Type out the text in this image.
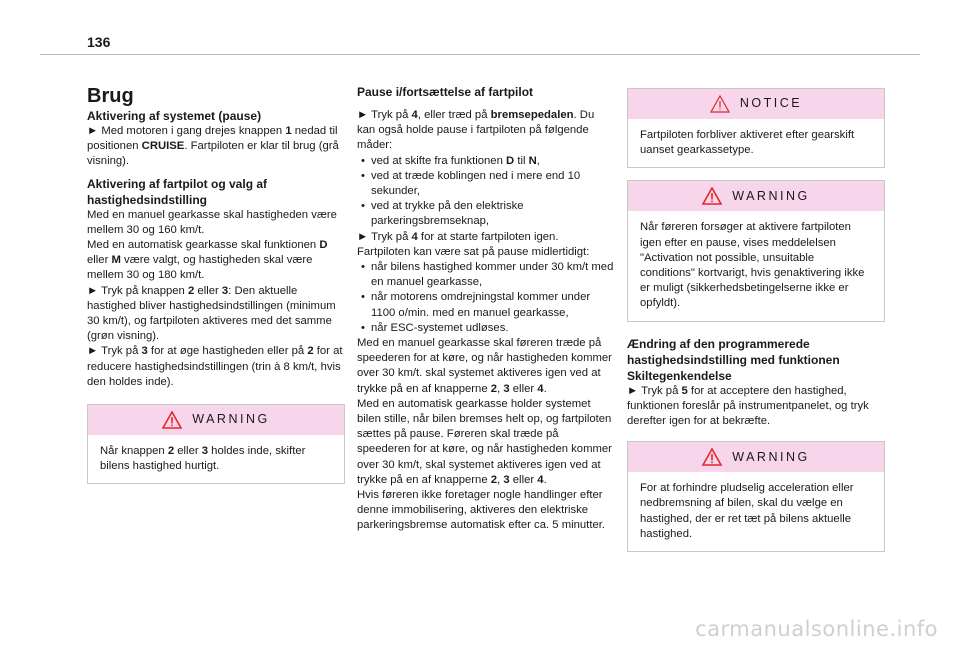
136

Brug

Aktivering af systemet (pause)

► Med motoren i gang drejes knappen 1 nedad til positionen CRUISE. Fartpiloten er klar til brug (grå visning).

Aktivering af fartpilot og valg af hastighedsindstilling

Med en manuel gearkasse skal hastigheden være mellem 30 og 160 km/t.

Med en automatisk gearkasse skal funktionen D eller M være valgt, og hastigheden skal være mellem 30 og 180 km/t.

► Tryk på knappen 2 eller 3: Den aktuelle hastighed bliver hastighedsindstillingen (minimum 30 km/t), og fartpiloten aktiveres med det samme (grøn visning).

► Tryk på 3 for at øge hastigheden eller på 2 for at reducere hastighedsindstillingen (trin à 8 km/t, hvis den holdes inde).

WARNING
Når knappen 2 eller 3 holdes inde, skifter bilens hastighed hurtigt.

Pause i/fortsættelse af fartpilot

► Tryk på 4, eller træd på bremsepedalen. Du kan også holde pause i fartpiloten på følgende måder:

• ved at skifte fra funktionen D til N,
• ved at træde koblingen ned i mere end 10 sekunder,
• ved at trykke på den elektriske parkeringsbremseknap,

► Tryk på 4 for at starte fartpiloten igen.

Fartpiloten kan være sat på pause midlertidigt:

• når bilens hastighed kommer under 30 km/t med en manuel gearkasse,
• når motorens omdrejningstal kommer under 1100 o/min. med en manuel gearkasse,
• når ESC-systemet udløses.

Med en manuel gearkasse skal føreren træde på speederen for at køre, og når hastigheden kommer over 30 km/t. skal systemet aktiveres igen ved at trykke på en af knapperne 2, 3 eller 4.

Med en automatisk gearkasse holder systemet bilen stille, når bilen bremses helt op, og fartpiloten sættes på pause. Føreren skal træde på speederen for at køre, og når hastigheden kommer over 30 km/t, skal systemet aktiveres igen ved at trykke på en af knapperne 2, 3 eller 4.

Hvis føreren ikke foretager nogle handlinger efter denne immobilisering, aktiveres den elektriske parkeringsbremse automatisk efter ca. 5 minutter.

NOTICE
Fartpiloten forbliver aktiveret efter gearskift uanset gearkassetype.
WARNING
Når føreren forsøger at aktivere fartpiloten igen efter en pause, vises meddelelsen "Activation not possible, unsuitable conditions" kortvarigt, hvis genaktivering ikke er muligt (sikkerhedsbetingelserne ikke er opfyldt).

Ændring af den programmerede hastighedsindstilling med funktionen Skiltegenkendelse

► Tryk på 5 for at acceptere den hastighed, funktionen foreslår på instrumentpanelet, og tryk derefter igen for at bekræfte.

WARNING
For at forhindre pludselig acceleration eller nedbremsning af bilen, skal du vælge en hastighed, der er ret tæt på bilens aktuelle hastighed.
carmanualsonline.info
